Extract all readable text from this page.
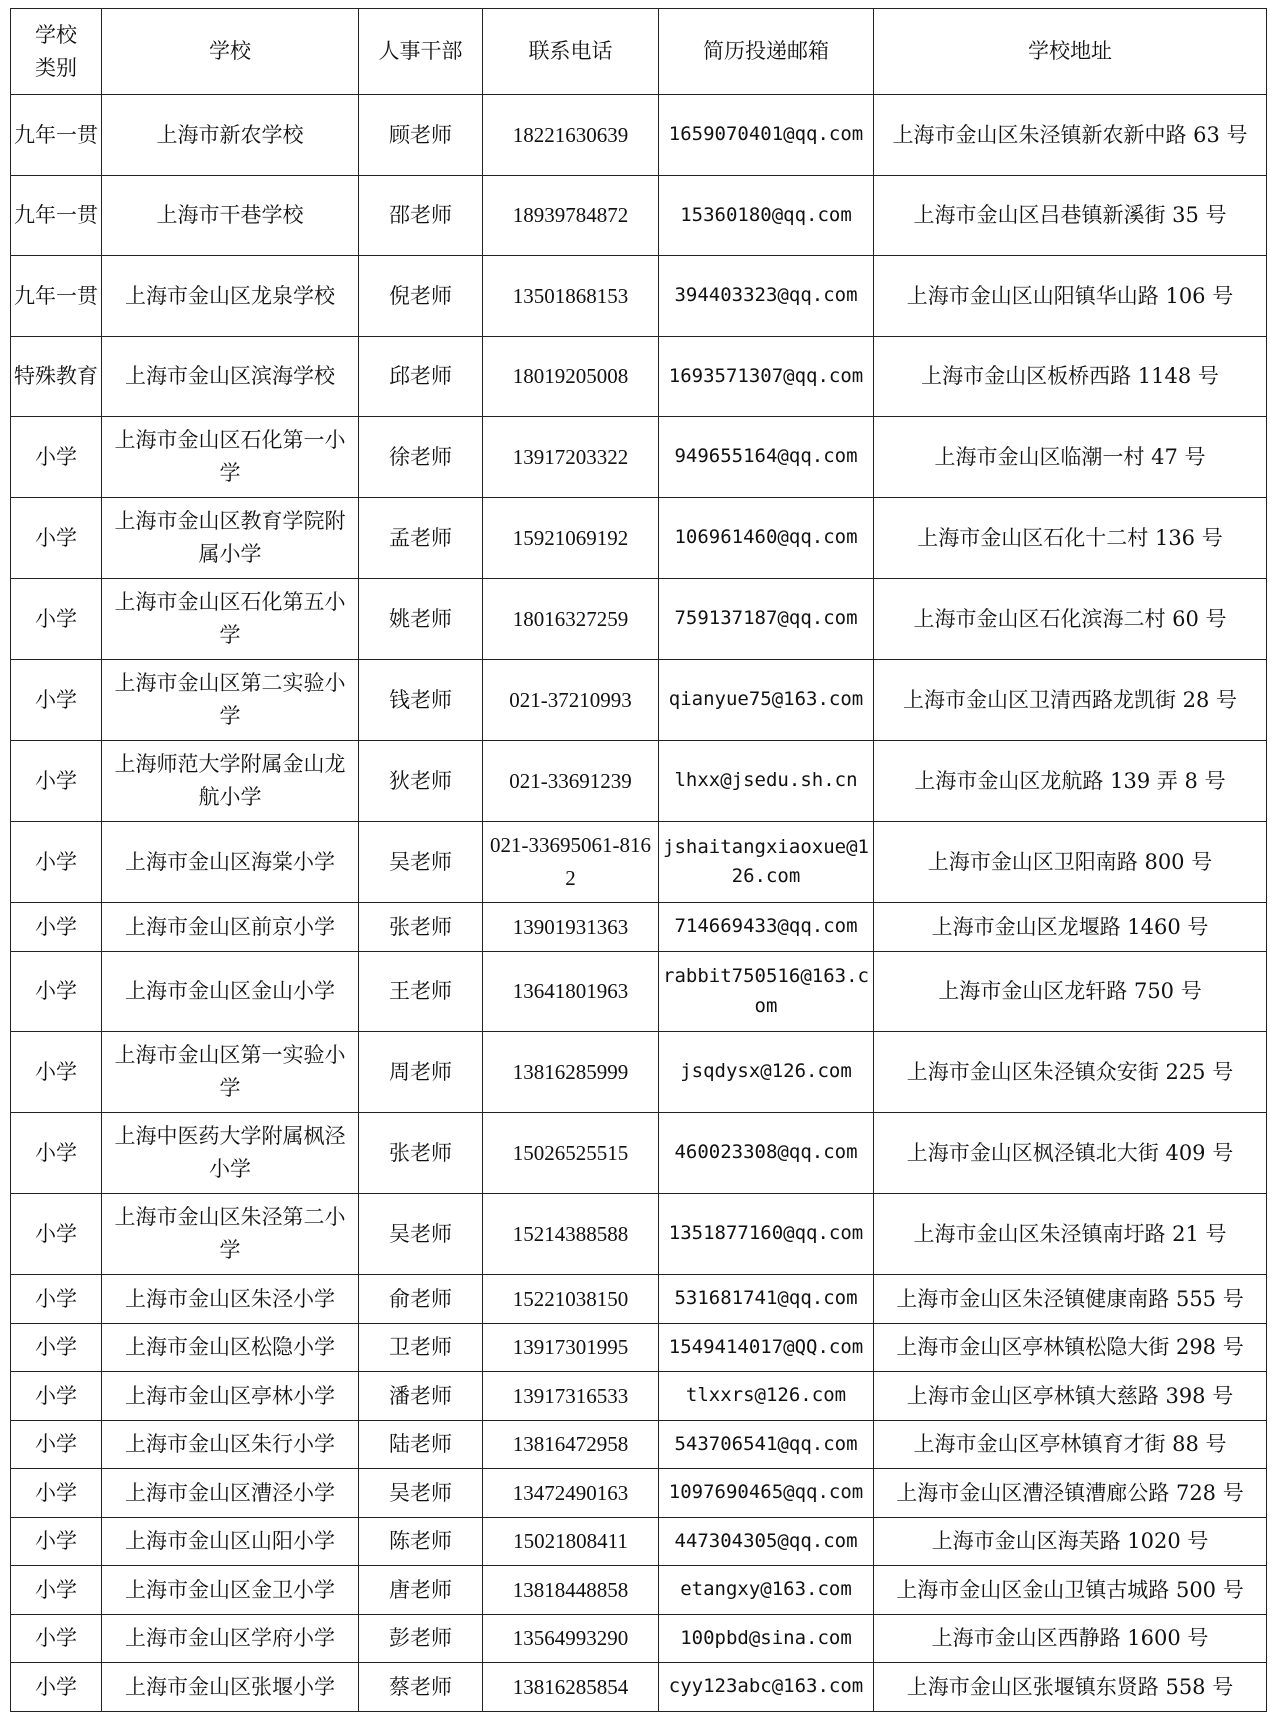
学校类别	学校	人事干部	联系电话	简历投递邮箱	学校地址
九年一贯	上海市新农学校	顾老师	18221630639	1659070401@qq.com	上海市金山区朱泾镇新农新中路 63 号
九年一贯	上海市干巷学校	邵老师	18939784872	15360180@qq.com	上海市金山区吕巷镇新溪街 35 号
九年一贯	上海市金山区龙泉学校	倪老师	13501868153	394403323@qq.com	上海市金山区山阳镇华山路 106 号
特殊教育	上海市金山区滨海学校	邱老师	18019205008	1693571307@qq.com	上海市金山区板桥西路 1148 号
小学	上海市金山区石化第一小学	徐老师	13917203322	949655164@qq.com	上海市金山区临潮一村 47 号
小学	上海市金山区教育学院附属小学	孟老师	15921069192	106961460@qq.com	上海市金山区石化十二村 136 号
小学	上海市金山区石化第五小学	姚老师	18016327259	759137187@qq.com	上海市金山区石化滨海二村 60 号
小学	上海市金山区第二实验小学	钱老师	021-37210993	qianyue75@163.com	上海市金山区卫清西路龙凯街 28 号
小学	上海师范大学附属金山龙航小学	狄老师	021-33691239	lhxx@jsedu.sh.cn	上海市金山区龙航路 139 弄 8 号
小学	上海市金山区海棠小学	吴老师	021-33695061-8162	jshaitangxiaoxue@126.com	上海市金山区卫阳南路 800 号
小学	上海市金山区前京小学	张老师	13901931363	714669433@qq.com	上海市金山区龙堰路 1460 号
小学	上海市金山区金山小学	王老师	13641801963	rabbit750516@163.com	上海市金山区龙轩路 750 号
小学	上海市金山区第一实验小学	周老师	13816285999	jsqdysx@126.com	上海市金山区朱泾镇众安街 225 号
小学	上海中医药大学附属枫泾小学	张老师	15026525515	460023308@qq.com	上海市金山区枫泾镇北大街 409 号
小学	上海市金山区朱泾第二小学	吴老师	15214388588	1351877160@qq.com	上海市金山区朱泾镇南圩路 21 号
小学	上海市金山区朱泾小学	俞老师	15221038150	531681741@qq.com	上海市金山区朱泾镇健康南路 555 号
小学	上海市金山区松隐小学	卫老师	13917301995	1549414017@QQ.com	上海市金山区亭林镇松隐大街 298 号
小学	上海市金山区亭林小学	潘老师	13917316533	tlxxrs@126.com	上海市金山区亭林镇大慈路 398 号
小学	上海市金山区朱行小学	陆老师	13816472958	543706541@qq.com	上海市金山区亭林镇育才街 88 号
小学	上海市金山区漕泾小学	吴老师	13472490163	1097690465@qq.com	上海市金山区漕泾镇漕廊公路 728 号
小学	上海市金山区山阳小学	陈老师	15021808411	447304305@qq.com	上海市金山区海芙路 1020 号
小学	上海市金山区金卫小学	唐老师	13818448858	etangxy@163.com	上海市金山区金山卫镇古城路 500 号
小学	上海市金山区学府小学	彭老师	13564993290	100pbd@sina.com	上海市金山区西静路 1600 号
小学	上海市金山区张堰小学	蔡老师	13816285854	cyy123abc@163.com	上海市金山区张堰镇东贤路 558 号
